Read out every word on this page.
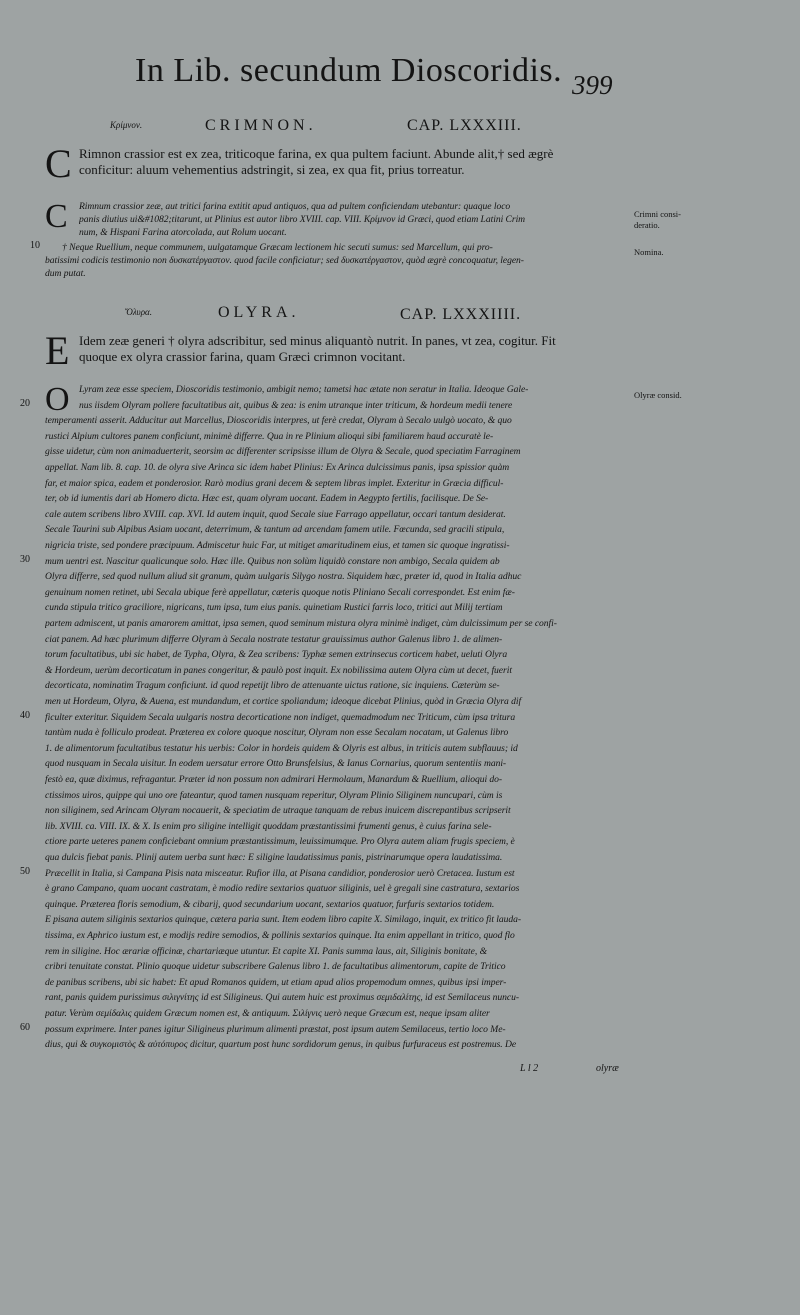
In Lib. secundum Dioscoridis. 399
Κρίμνον.	CRIMNON.	CAP. LXXXIII.
C Rimnon crassior est ex zea, triticoque farina, ex qua pultem faciunt. Abunde alit,† sed ægrè
conficitur: aluum vehementius adstringit, si zea, ex qua fit, prius torreatur.
C Rimnum crassior zeæ, aut tritici farina extitit apud antiquos, qua ad pultem conficiendam utebantur: quaque loco
panis diutius ui&#1082;titarunt, ut Plinius est autor libro XVIII. cap. VIII. Κρίμνον id Græci, quod etiam Latini Crim
num, & Hispani Farina atorcolada, aut Rolum uocant.
† Neque Ruellium, neque communem, uulgatamque Græcam lectionem hic secuti sumus: sed Marcellum, qui pro-
batissimi codicis testimonio non δυσκατέργαστον. quod facile conficiatur; sed δυσκατέργαστον, quòd ægrè concoquatur, legen-
dum putat.
Ὄλυρα.	OLYRA.	CAP. LXXXIIII.
E Idem zeæ generi † olyra adscribitur, sed minus aliquantò nutrit. In panes, vt zea, cogitur. Fit
quoque ex olyra crassior farina, quam Græci crimnon vocitant.
O Lyram zeæ esse speciem, Dioscoridis testimonio, ambigit nemo; tametsi hac ætate non seratur in Italia. Ideoque Gale-
nus iisdem Olyram pollere facultatibus ait, quibus & zea: is enim utranque inter triticum, & hordeum medii tenere
temperamenti asserit. Adducitur aut Marcellus, Dioscoridis interpres, ut ferè credat, Olyram à Secalo uulgò uocato, & quo
rustici Alpium cultores panem conficiunt, minimè differre. Qua in re Plinium alioqui sibi familiarem haud accuratè le-
gisse uidetur, cùm non animaduerterit, seorsim ac differenter scripsisse illum de Olyra & Secale, quod speciatim Farraginem
appellat. Nam lib. 8. cap. 10. de olyra sive Arinca sic idem habet Plinius: Ex Arinca dulcissimus panis, ipsa spissior quàm
far, et maior spica, eadem et ponderosior. Rarò modius grani decem & septem libras implet. Exteritur in Græcia difficul-
ter, ob id iumentis dari ab Homero dicta. Hæc est, quam olyram uocant. Eadem in Aegypto fertilis, facilisque. De Se-
cale autem scribens libro XVIII. cap. XVI. Id autem inquit, quod Secale siue Farrago appellatur, occari tantum desiderat.
Secale Taurini sub Alpibus Asiam uocant, deterrimum, & tantum ad arcendam famem utile. Fœcunda, sed gracili stipula,
nigricia triste, sed pondere præcipuum. Admiscetur huic Far, ut mitiget amaritudinem eius, et tamen sic quoque ingratissi-
mum uentri est. Nascitur qualicunque solo. Hæc ille. Quibus non solùm liquidò constare non ambigo, Secala quidem ab
Olyra differre, sed quod nullum aliud sit granum, quàm uulgaris Silygo nostra. Siquidem hæc, præter id, quod in Italia adhuc
genuinum nomen retinet, ubi Secala ubique ferè appellatur, cæteris quoque notis Pliniano Secali correspondet. Est enim fæ-
cunda stipula tritico graciliore, nigricans, tum ipsa, tum eius panis. quinetiam Rustici farris loco, tritici aut Milij tertiam
partem admiscent, ut panis amarorem amittat, ipsa semen, quod seminum mistura olyra minimè indiget, cùm dulcissimum per se confi-
ciat panem. Ad hæc plurimum differre Olyram à Secala nostrate testatur grauissimus author Galenus libro 1. de alimen-
torum facultatibus, ubi sic habet, de Typha, Olyra, & Zea scribens: Typhæ semen extrinsecus corticem habet, ueluti Olyra
& Hordeum, uerùm decorticatum in panes congeritur, & paulò post inquit. Ex nobilissima autem Olyra cùm ut decet, fuerit
decorticata, nominatim Tragum conficiunt. id quod repetijt libro de attenuante uictus ratione, sic inquiens. Cæterùm se-
men ut Hordeum, Olyra, & Auena, est mundandum, et cortice spoliandum; ideoque dicebat Plinius, quòd in Græcia Olyra dif
ficulter exteritur. Siquidem Secala uulgaris nostra decorticatione non indiget, quemadmodum nec Triticum, cùm ipsa tritura
tantùm nuda è folliculo prodeat. Præterea ex colore quoque noscitur, Olyram non esse Secalam nocatam, ut Galenus libro
1. de alimentorum facultatibus testatur his uerbis: Color in hordeis quidem & Olyris est albus, in triticis autem subflauus; id
quod nusquam in Secala uisitur. In eodem uersatur errore Otto Brunsfelsius, & Ianus Cornarius, quorum sententiis mani-
festò ea, quæ diximus, refragantur. Præter id non possum non admirari Hermolaum, Manardum & Ruellium, alioqui do-
ctissimos uiros, quippe qui uno ore fateantur, quod tamen nusquam reperitur, Olyram Plinio Siliginem nuncupari, cùm is
non siliginem, sed Arincam Olyram nocauerit, & speciatim de utraque tanquam de rebus inuicem discrepantibus scripserit
lib. XVIII. ca. VIII. IX. & X. Is enim pro siligine intelligit quoddam præstantissimi frumenti genus, è cuius farina sele-
ctiore parte ueteres panem conficiebant omnium præstantissimum, leuissimumque. Pro Olyra autem aliam frugis speciem, è
qua dulcis fiebat panis. Plinij autem uerba sunt hæc: E siligine laudatissimus panis, pistrinarumque opera laudatissima.
Præcellit in Italia, si Campana Pisis nata misceatur. Rufior illa, at Pisana candidior, ponderosior uerò Cretacea. Iustum est
è grano Campano, quam uocant castratam, è modio redire sextarios quatuor siliginis, uel è gregali sine castratura, sextarios
quinque. Præterea floris semodium, & cibarij, quod secundarium uocant, sextarios quatuor, furfuris sextarios totidem.
E pisana autem siliginis sextarios quinque, cætera paria sunt. Item eodem libro capite X. Similago, inquit, ex tritico fit lauda-
tissima, ex Aphrico iustum est, e modijs redire semodios, & pollinis sextarios quinque. Ita enim appellant in tritico, quod flo
rem in siligine. Hoc ærariæ officinæ, chartariæque utuntur. Et capite XI. Panis summa laus, ait, Siliginis bonitate, &
cribri tenuitate constat. Plinio quoque uidetur subscribere Galenus libro 1. de facultatibus alimentorum, capite de Tritico
de panibus scribens, ubi sic habet: Et apud Romanos quidem, ut etiam apud alios propemodum omnes, quibus ipsi imper-
rant, panis quidem purissimus σιλιγνίτης id est Siligineus. Qui autem huic est proximus σεμιδαλίτης, id est Semilaceus nuncu-
patur. Verùm σεμίδαλις quidem Græcum nomen est, & antiquum. Σιλίγνις uerò neque Græcum est, neque ipsam aliter
possum exprimere. Inter panes igitur Siligineus plurimum alimenti præstat, post ipsum autem Semilaceus, tertio loco Me-
dius, qui & συγκομιστὸς & αὐτόπυρος dicitur, quartum post hunc sordidorum genus, in quibus furfuraceus est postremus. De
10
20
30
40
50
60
Crimni consi-
deratio.
Nomina.
Olyræ consid.
L l 2	olyræ
